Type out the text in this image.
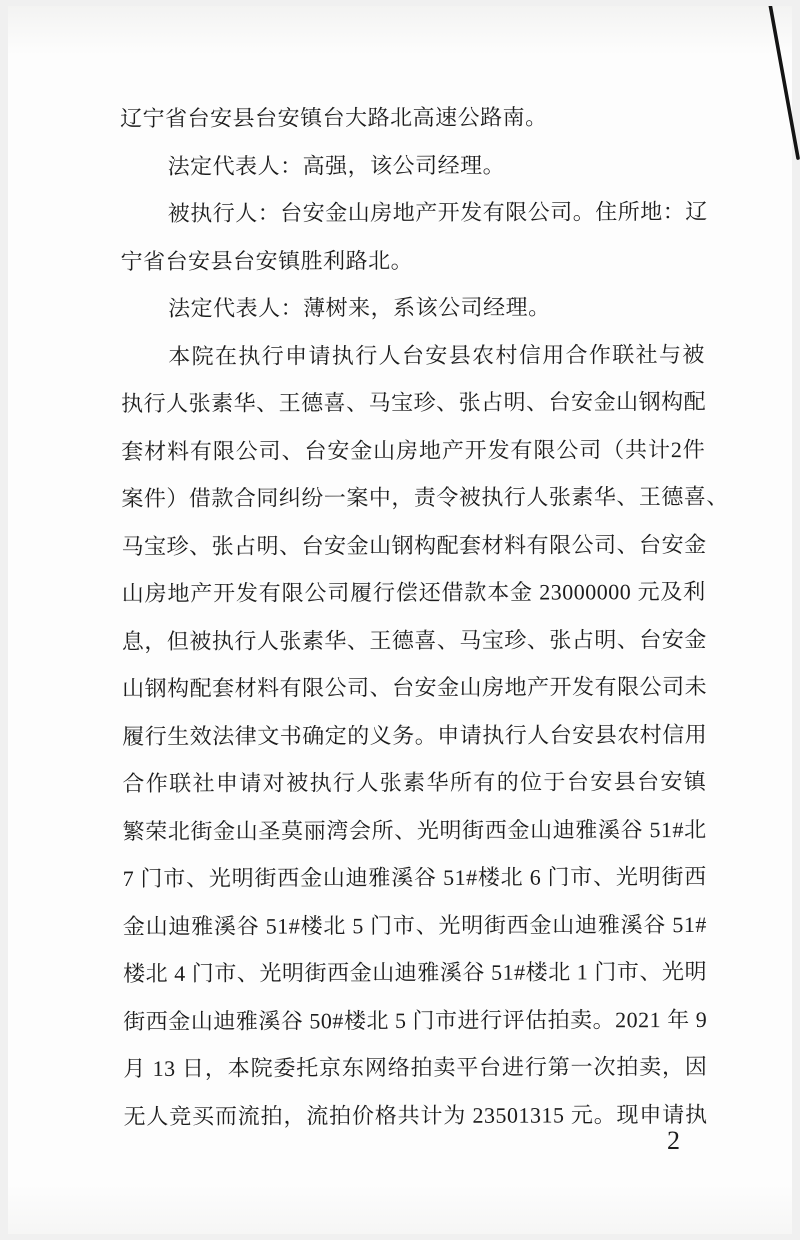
辽宁省台安县台安镇台大路北高速公路南。
法定代表人：高强，该公司经理。
被执行人：台安金山房地产开发有限公司。住所地：辽
宁省台安县台安镇胜利路北。
法定代表人：薄树来，系该公司经理。
本院在执行申请执行人台安县农村信用合作联社与被
执行人张素华、王德喜、马宝珍、张占明、台安金山钢构配
套材料有限公司、台安金山房地产开发有限公司（共计2件
案件）借款合同纠纷一案中，责令被执行人张素华、王德喜、
马宝珍、张占明、台安金山钢构配套材料有限公司、台安金
山房地产开发有限公司履行偿还借款本金 23000000 元及利
息，但被执行人张素华、王德喜、马宝珍、张占明、台安金
山钢构配套材料有限公司、台安金山房地产开发有限公司未
履行生效法律文书确定的义务。申请执行人台安县农村信用
合作联社申请对被执行人张素华所有的位于台安县台安镇
繁荣北街金山圣莫丽湾会所、光明街西金山迪雅溪谷 51#北
7 门市、光明街西金山迪雅溪谷 51#楼北 6 门市、光明街西
金山迪雅溪谷 51#楼北 5 门市、光明街西金山迪雅溪谷 51#
楼北 4 门市、光明街西金山迪雅溪谷 51#楼北 1 门市、光明
街西金山迪雅溪谷 50#楼北 5 门市进行评估拍卖。2021 年 9
月 13 日，本院委托京东网络拍卖平台进行第一次拍卖，因
无人竞买而流拍，流拍价格共计为 23501315 元。现申请执
2
